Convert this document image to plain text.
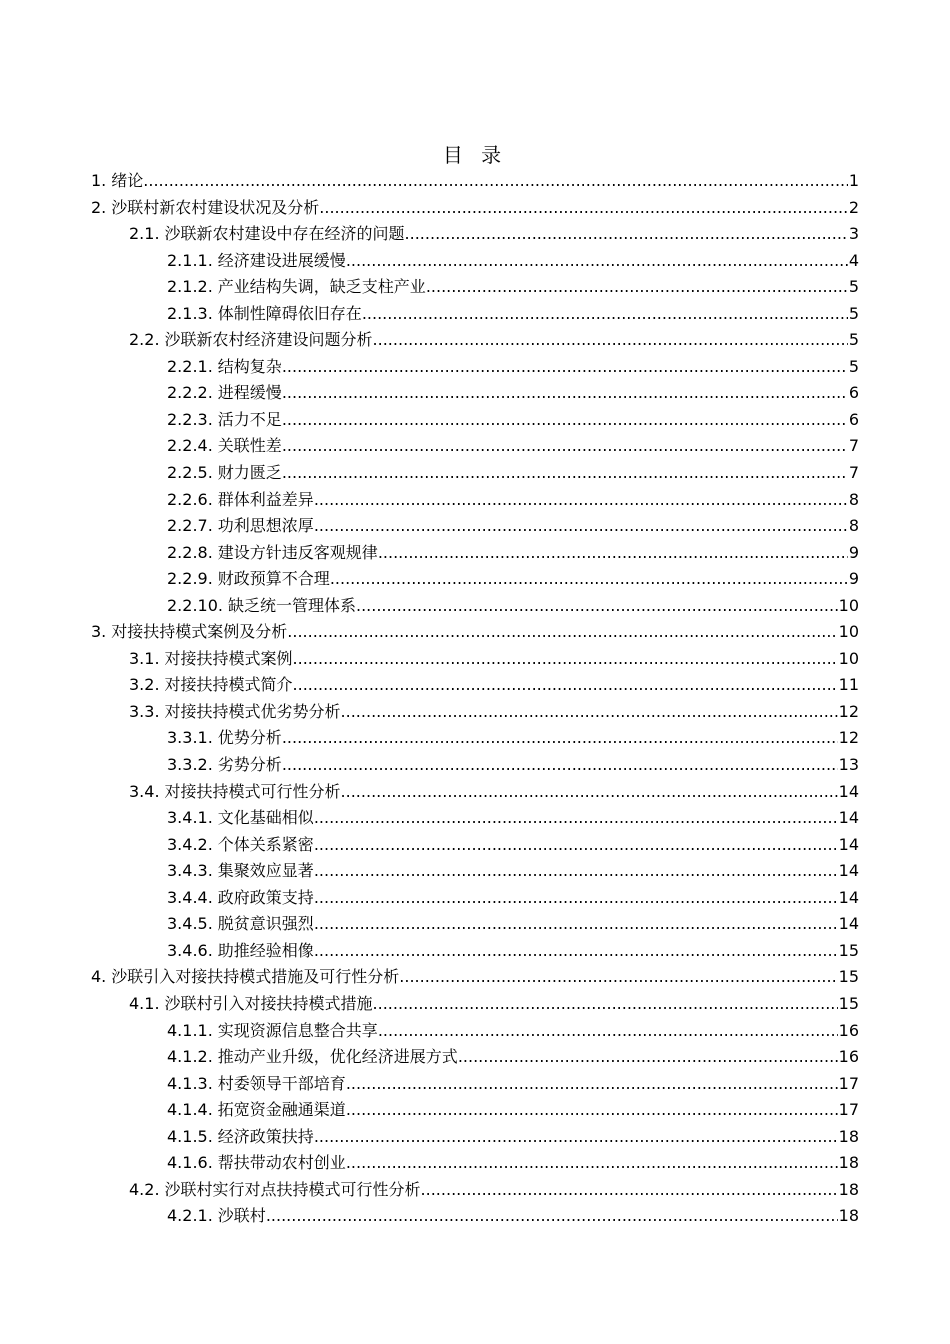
目 录
1. 绪论 .....	1
2. 沙联村新农村建设状况及分析 .....	2
2.1. 沙联新农村建设中存在经济的问题 .....	3
2.1.1. 经济建设进展缓慢 .....	4
2.1.2. 产业结构失调，缺乏支柱产业 .....	5
2.1.3. 体制性障碍依旧存在 .....	5
2.2. 沙联新农村经济建设问题分析 .....	5
2.2.1. 结构复杂 .....	5
2.2.2. 进程缓慢 .....	6
2.2.3. 活力不足 .....	6
2.2.4. 关联性差 .....	7
2.2.5. 财力匮乏 .....	7
2.2.6. 群体利益差异 .....	8
2.2.7. 功利思想浓厚 .....	8
2.2.8. 建设方针违反客观规律 .....	9
2.2.9. 财政预算不合理 .....	9
2.2.10. 缺乏统一管理体系 .....	10
3. 对接扶持模式案例及分析 .....	10
3.1. 对接扶持模式案例 .....	10
3.2. 对接扶持模式简介 .....	11
3.3. 对接扶持模式优劣势分析 .....	12
3.3.1. 优势分析 .....	12
3.3.2. 劣势分析 .....	13
3.4. 对接扶持模式可行性分析 .....	14
3.4.1. 文化基础相似 .....	14
3.4.2. 个体关系紧密 .....	14
3.4.3. 集聚效应显著 .....	14
3.4.4. 政府政策支持 .....	14
3.4.5. 脱贫意识强烈 .....	14
3.4.6. 助推经验相像 .....	15
4. 沙联引入对接扶持模式措施及可行性分析 .....	15
4.1. 沙联村引入对接扶持模式措施 .....	15
4.1.1. 实现资源信息整合共享 .....	16
4.1.2. 推动产业升级，优化经济进展方式 .....	16
4.1.3. 村委领导干部培育 .....	17
4.1.4. 拓宽资金融通渠道 .....	17
4.1.5. 经济政策扶持 .....	18
4.1.6. 帮扶带动农村创业 .....	18
4.2. 沙联村实行对点扶持模式可行性分析 .....	18
4.2.1. 沙联村 .....	18
